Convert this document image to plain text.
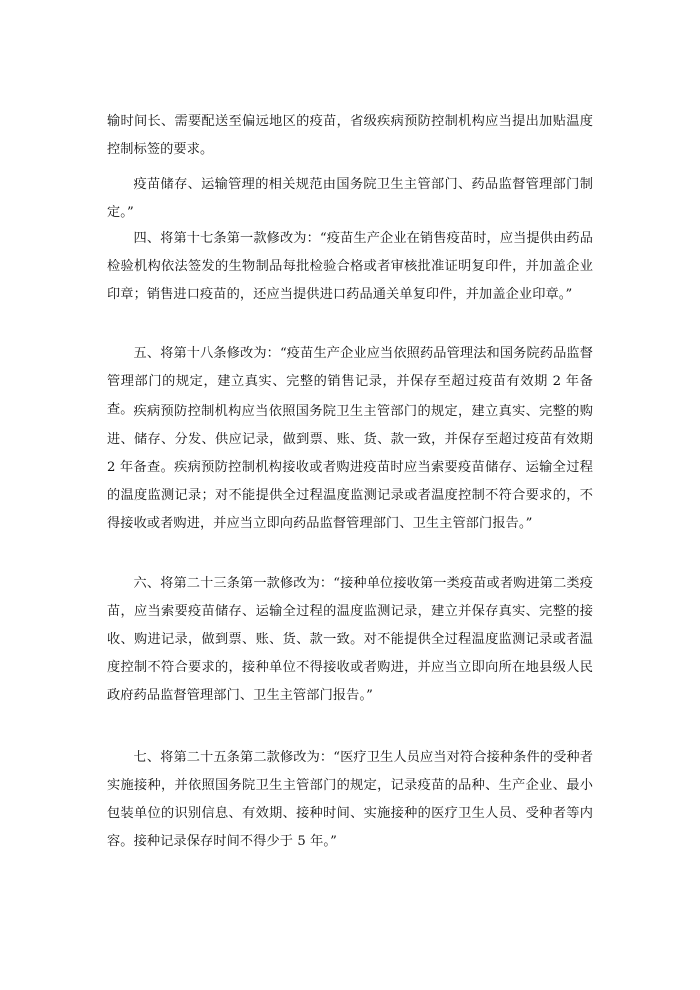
输时间长、需要配送至偏远地区的疫苗，省级疾病预防控制机构应当提出加贴温度控制标签的要求。

疫苗储存、运输管理的相关规范由国务院卫生主管部门、药品监督管理部门制定。”

四、将第十七条第一款修改为：“疫苗生产企业在销售疫苗时，应当提供由药品检验机构依法签发的生物制品每批检验合格或者审核批准证明复印件，并加盖企业印章；销售进口疫苗的，还应当提供进口药品通关单复印件，并加盖企业印章。”

五、将第十八条修改为：“疫苗生产企业应当依照药品管理法和国务院药品监督管理部门的规定，建立真实、完整的销售记录，并保存至超过疫苗有效期 2 年备查。 疾病预防控制机构应当依照国务院卫生主管部门的规定，建立真实、完整的购进、储存、分发、供应记录，做到票、账、货、款一致，并保存至超过疫苗有效期 2 年备查。疾病预防控制机构接收或者购进疫苗时应当索要疫苗储存、运输全过程的温度监测记录；对不能提供全过程温度监测记录或者温度控制不符合要求的，不得接收或者购进，并应当立即向药品监督管理部门、卫生主管部门报告。”

六、将第二十三条第一款修改为：“接种单位接收第一类疫苗或者购进第二类疫苗，应当索要疫苗储存、运输全过程的温度监测记录，建立并保存真实、完整的接收、购进记录，做到票、账、货、款一致。对不能提供全过程温度监测记录或者温度控制不符合要求的，接种单位不得接收或者购进，并应当立即向所在地县级人民政府药品监督管理部门、卫生主管部门报告。”

七、将第二十五条第二款修改为：“医疗卫生人员应当对符合接种条件的受种者实施接种，并依照国务院卫生主管部门的规定，记录疫苗的品种、生产企业、最小包装单位的识别信息、有效期、接种时间、实施接种的医疗卫生人员、受种者等内容。接种记录保存时间不得少于 5 年。”
